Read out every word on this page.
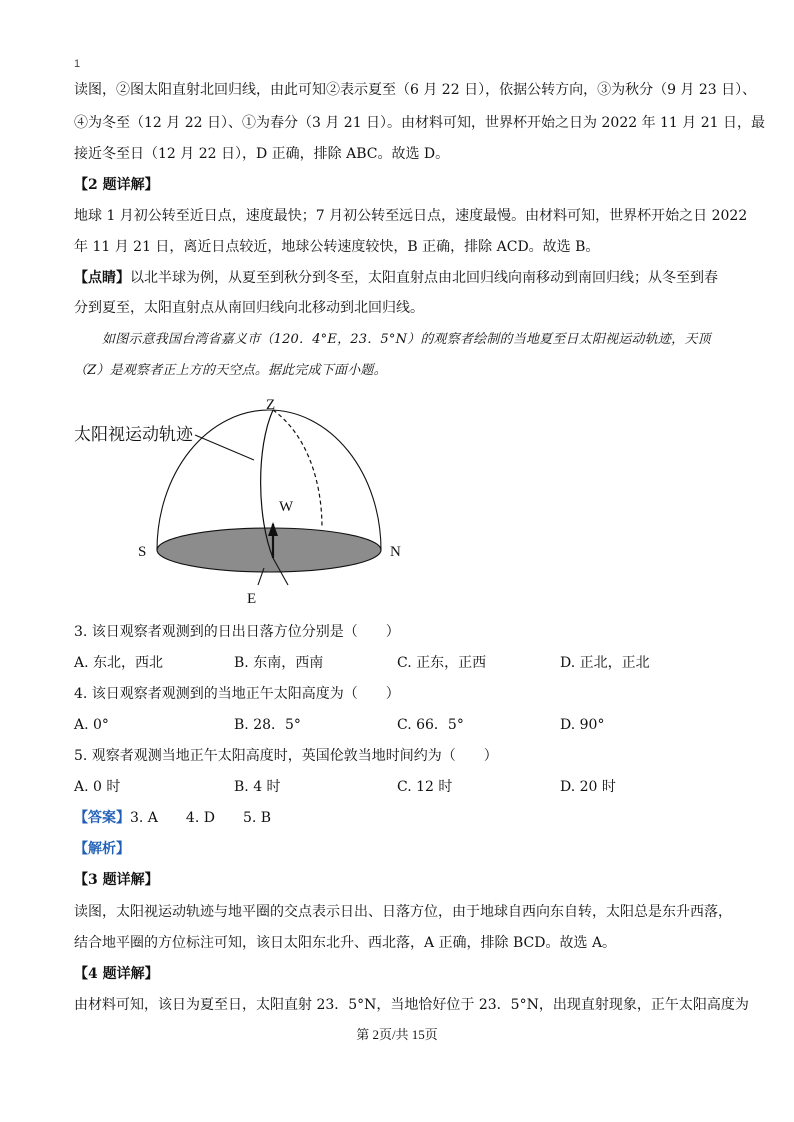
1
读图，②图太阳直射北回归线，由此可知②表示夏至（6 月 22 日），依据公转方向，③为秋分（9 月 23 日）、
④为冬至（12 月 22 日）、①为春分（3 月 21 日）。由材料可知，世界杯开始之日为 2022 年 11 月 21 日，最
接近冬至日（12 月 22 日），D 正确，排除 ABC。故选 D。
【2 题详解】
地球 1 月初公转至近日点，速度最快；7 月初公转至远日点，速度最慢。由材料可知，世界杯开始之日 2022
年 11 月 21 日，离近日点较近，地球公转速度较快，B 正确，排除 ACD。故选 B。
【点睛】以北半球为例，从夏至到秋分到冬至，太阳直射点由北回归线向南移动到南回归线；从冬至到春
分到夏至，太阳直射点从南回归线向北移动到北回归线。
如图示意我国台湾省嘉义市（120．4°E，23．5°N）的观察者绘制的当地夏至日太阳视运动轨迹，天顶
（Z）是观察者正上方的天空点。据此完成下面小题。
太阳视运动轨迹
Z
W
S	N
E
3. 该日观察者观测到的日出日落方位分别是（　　）
A. 东北，西北	B. 东南，西南	C. 正东，正西	D. 正北，正北
4. 该日观察者观测到的当地正午太阳高度为（　　）
A. 0°	B. 28．5°	C. 66．5°	D. 90°
5. 观察者观测当地正午太阳高度时，英国伦敦当地时间约为（　　）
A. 0 时	B. 4 时	C. 12 时	D. 20 时
【答案】3. A　　4. D　　5. B
【解析】
【3 题详解】
读图，太阳视运动轨迹与地平圈的交点表示日出、日落方位，由于地球自西向东自转，太阳总是东升西落，
结合地平圈的方位标注可知，该日太阳东北升、西北落，A 正确，排除 BCD。故选 A。
【4 题详解】
由材料可知，该日为夏至日，太阳直射 23．5°N，当地恰好位于 23．5°N，出现直射现象，正午太阳高度为
第 2页/共 15页
